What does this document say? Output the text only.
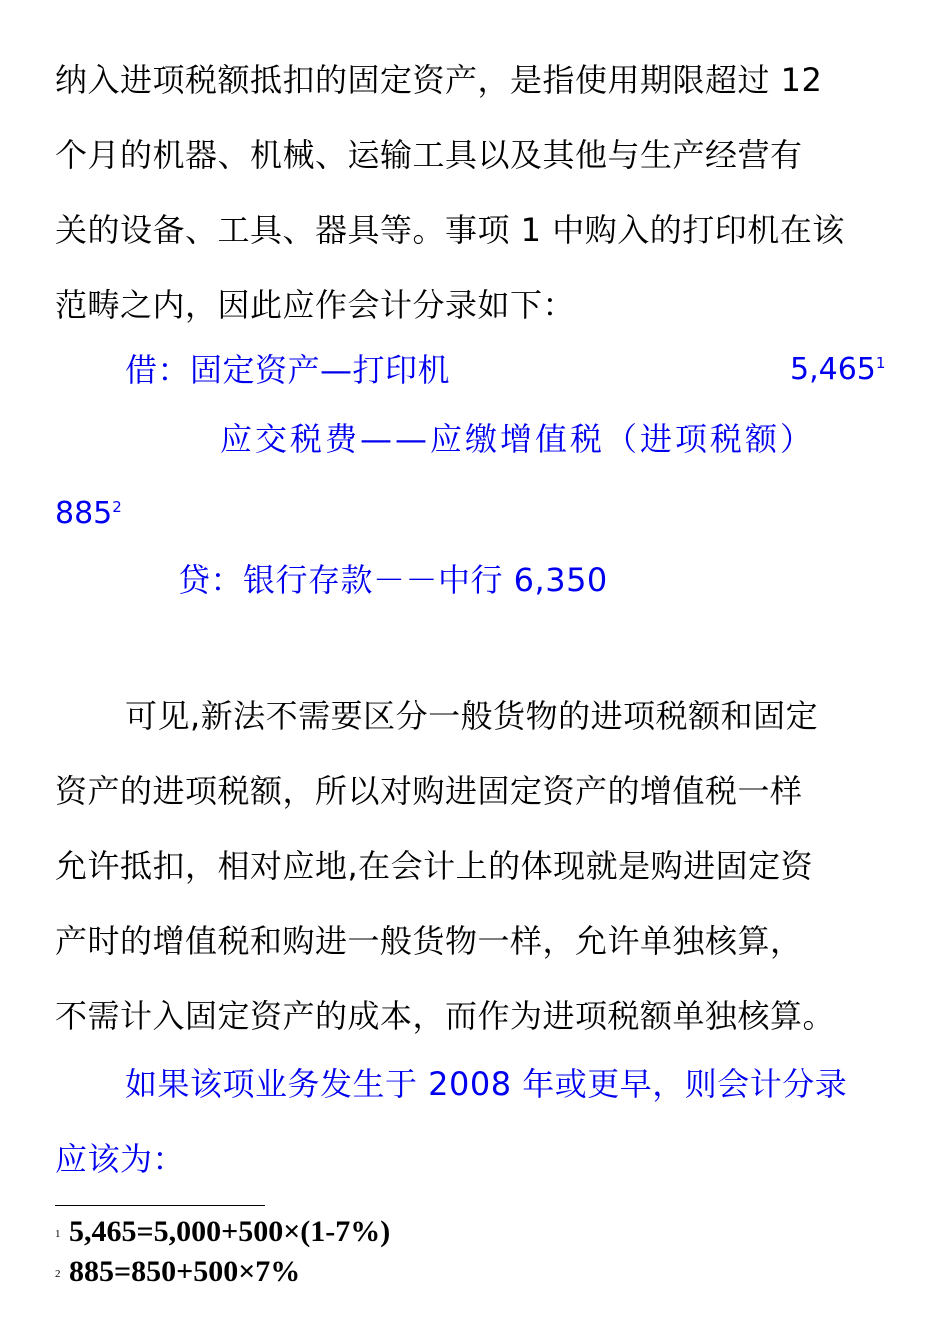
纳入进项税额抵扣的固定资产，是指使用期限超过 12
个月的机器、机械、运输工具以及其他与生产经营有
关的设备、工具、器具等。事项 1 中购入的打印机在该
范畴之内，因此应作会计分录如下：
借：固定资产—打印机	5,465$^1$
应交税费——应缴增值税（进项税额）
$885^2$
贷：银行存款－－中行 6,350
可见,新法不需要区分一般货物的进项税额和固定
资产的进项税额，所以对购进固定资产的增值税一样
允许抵扣，相对应地,在会计上的体现就是购进固定资
产时的增值税和购进一般货物一样，允许单独核算，
不需计入固定资产的成本，而作为进项税额单独核算。
如果该项业务发生于 2008 年或更早，则会计分录
应该为：
1 5,465=5,000+500×(1-7%)
2 885=850+500×7%
